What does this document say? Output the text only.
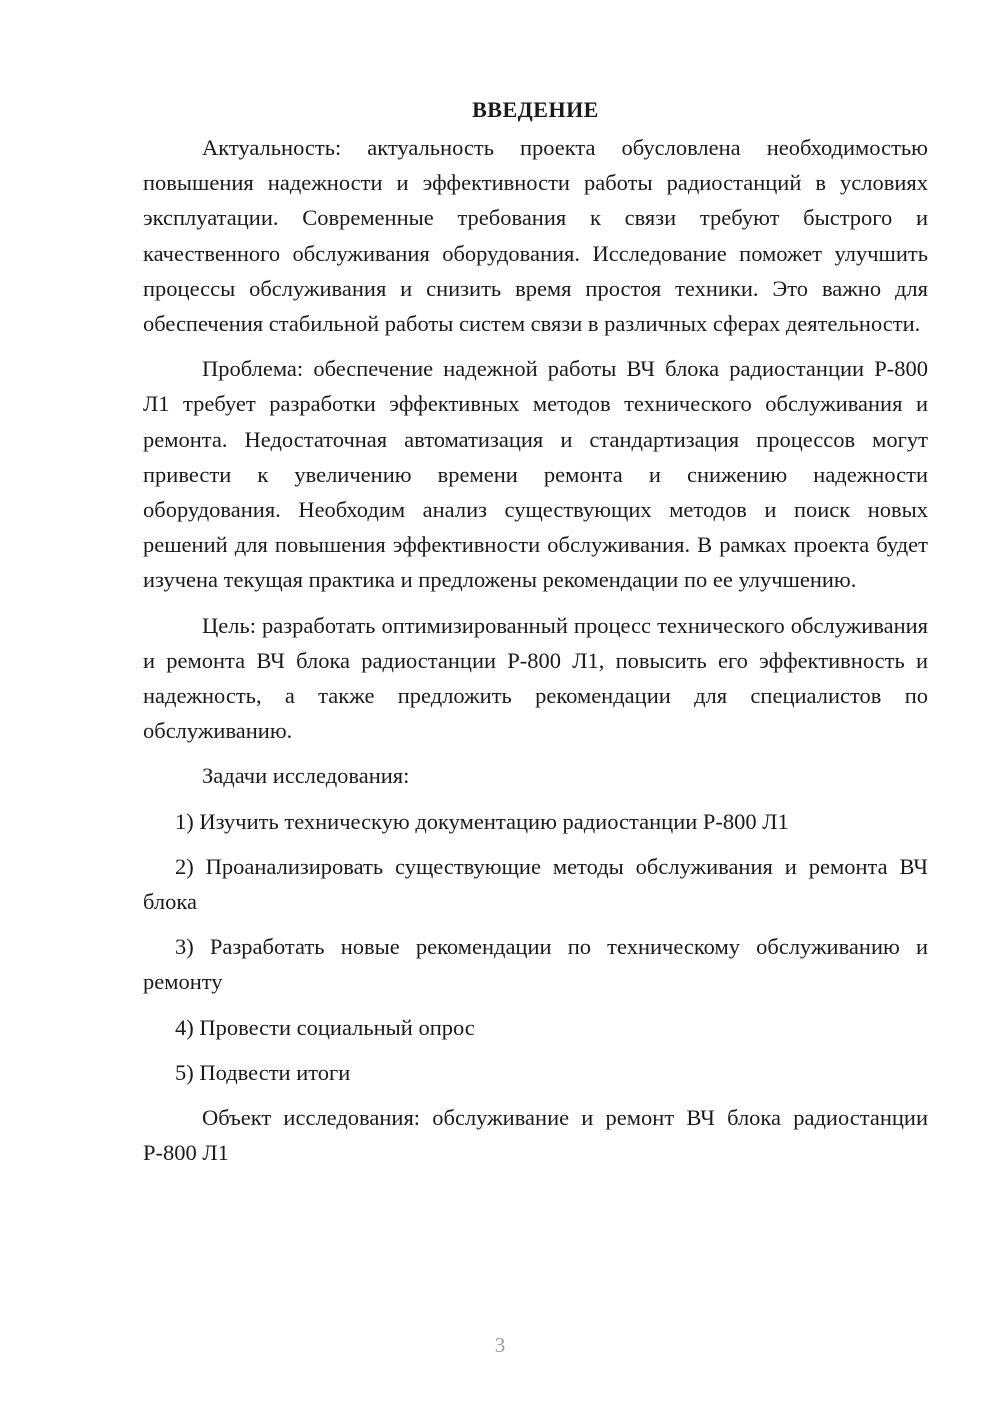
ВВЕДЕНИЕ

Актуальность: актуальность проекта обусловлена необходимостью повышения надежности и эффективности работы радиостанций в условиях эксплуатации. Современные требования к связи требуют быстрого и качественного обслуживания оборудования. Исследование поможет улучшить процессы обслуживания и снизить время простоя техники. Это важно для обеспечения стабильной работы систем связи в различных сферах деятельности.

Проблема: обеспечение надежной работы ВЧ блока радиостанции Р-800 Л1 требует разработки эффективных методов технического обслуживания и ремонта. Недостаточная автоматизация и стандартизация процессов могут привести к увеличению времени ремонта и снижению надежности оборудования. Необходим анализ существующих методов и поиск новых решений для повышения эффективности обслуживания. В рамках проекта будет изучена текущая практика и предложены рекомендации по ее улучшению.

Цель: разработать оптимизированный процесс технического обслуживания и ремонта ВЧ блока радиостанции Р-800 Л1, повысить его эффективность и надежность, а также предложить рекомендации для специалистов по обслуживанию.

Задачи исследования:

1) Изучить техническую документацию радиостанции Р-800 Л1

2) Проанализировать существующие методы обслуживания и ремонта ВЧ блока

3) Разработать новые рекомендации по техническому обслуживанию и ремонту

4) Провести социальный опрос

5) Подвести итоги

Объект исследования: обслуживание и ремонт ВЧ блока радиостанции Р-800 Л1

3
